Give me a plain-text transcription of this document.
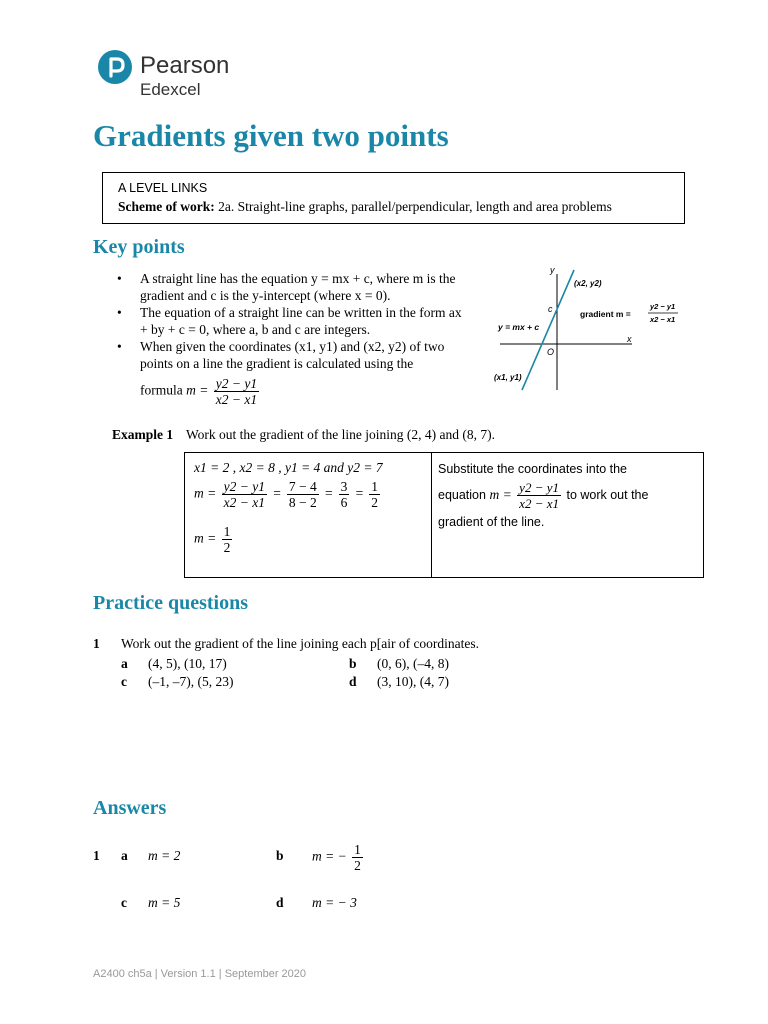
Pearson
Edexcel
Gradients given two points
A LEVEL LINKS
Scheme of work: 2a. Straight-line graphs, parallel/perpendicular, length and area problems
Key points
• A straight line has the equation y = mx + c, where m is the gradient and c is the y-intercept (where x = 0).
• The equation of a straight line can be written in the form ax + by + c = 0, where a, b and c are integers.
• When given the coordinates (x1, y1) and (x2, y2) of two points on a line the gradient is calculated using the
formula $m = \frac{y2 - y1}{x2 - x1}$
y
x
O
c
(x2, y2)
(x1, y1)
y = mx + c
gradient m =
y2 − y1
x2 − x1
Example 1 Work out the gradient of the line joining (2, 4) and (8, 7).
x1 = 2 , x2 = 8 , y1 = 4 and y2 = 7
$m = \frac{y2 - y1}{x2 - x1} = \frac{7 - 4}{8 - 2} = \frac{3}{6} = \frac{1}{2}$
$m = \frac{1}{2}$
Substitute the coordinates into the
equation $m = \frac{y2 - y1}{x2 - x1}$ to work out the
gradient of the line.
Practice questions
1 Work out the gradient of the line joining each p[air of coordinates.
a (4, 5), (10, 17)	b (0, 6), (–4, 8)
c (–1, –7), (5, 23)	d (3, 10), (4, 7)
Answers
1 a m = 2	b m = − $\frac{1}{2}$
c m = 5	d m = − 3
A2400 ch5a | Version 1.1 | September 2020
